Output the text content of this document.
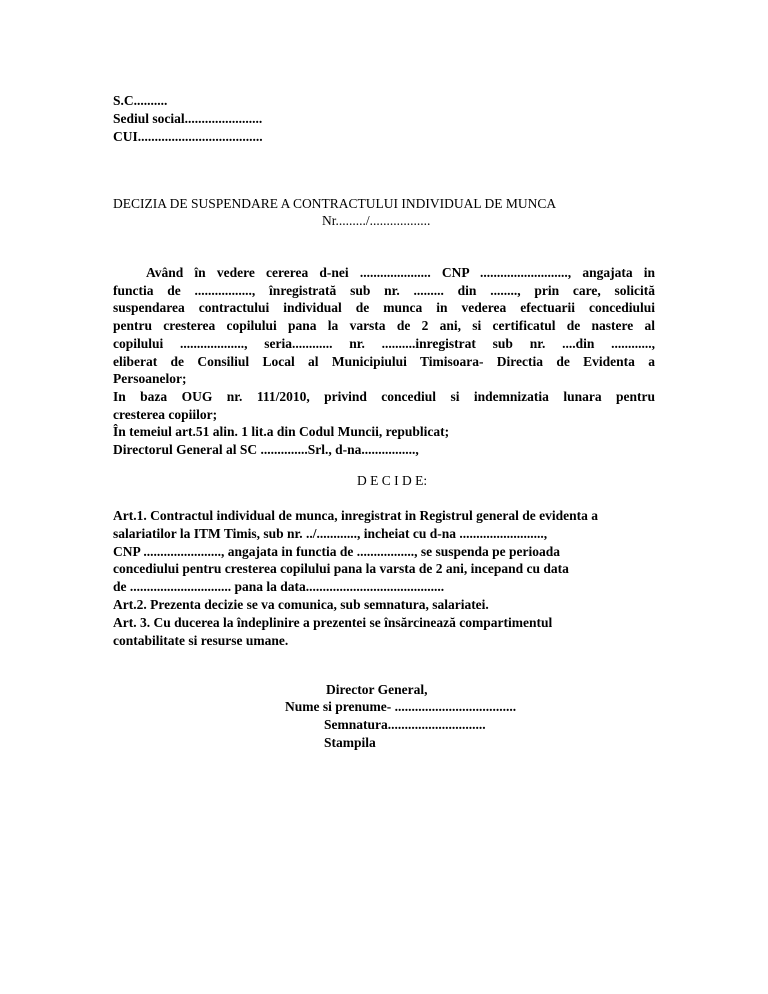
S.C..........
Sediul social.......................
CUI.....................................
DECIZIA DE SUSPENDARE A CONTRACTULUI INDIVIDUAL DE MUNCA
Nr........./..................

Având în vedere cererea d-nei ..................... CNP .........................., angajata in

functia de ................., înregistrată sub nr. ......... din ........, prin care, solicită

suspendarea contractului individual de munca in vederea efectuarii concediului

pentru cresterea copilului pana la varsta de 2 ani, si certificatul de nastere al

copilului ..................., seria............ nr. ..........inregistrat sub nr. ....din ............,

eliberat de Consiliul Local al Municipiului Timisoara- Directia de Evidenta a

Persoanelor;

In baza OUG nr. 111/2010, privind concediul si indemnizatia lunara pentru

cresterea copiilor;

În temeiul art.51 alin. 1 lit.a din Codul Muncii, republicat;

Directorul General al SC ..............Srl., d-na................,

D E C I D E:

Art.1. Contractul individual de munca, inregistrat in Registrul general de evidenta a

salariatilor la ITM Timis, sub nr. ../............, incheiat cu d-na .........................,

CNP ......................., angajata in functia de ................., se suspenda pe perioada

concediului pentru cresterea copilului pana la varsta de 2 ani, incepand cu data

de .............................. pana la data.........................................

Art.2. Prezenta decizie se va comunica, sub semnatura, salariatei.

Art. 3. Cu ducerea la îndeplinire a prezentei se însărcinează compartimentul

contabilitate si resurse umane.

Director General,
Nume si prenume- ....................................
Semnatura.............................
Stampila
